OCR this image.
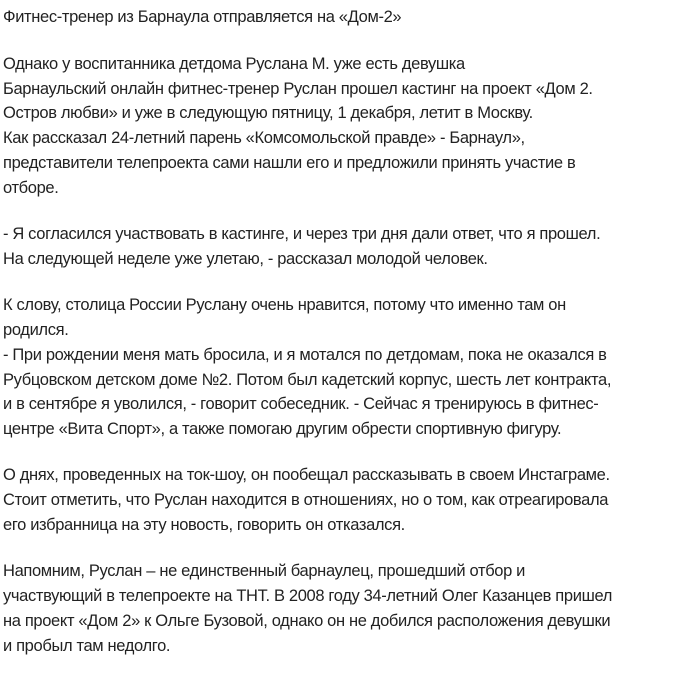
Фитнес-тренер из Барнаула отправляется на «Дом-2»
Однако у воспитанника детдома Руслана М. уже есть девушка
Барнаульский онлайн фитнес-тренер Руслан прошел кастинг на проект «Дом 2.
Остров любви» и уже в следующую пятницу, 1 декабря, летит в Москву.
Как рассказал 24-летний парень «Комсомольской правде» - Барнаул»,
представители телепроекта сами нашли его и предложили принять участие в
отборе.
- Я согласился участвовать в кастинге, и через три дня дали ответ, что я прошел.
На следующей неделе уже улетаю, - рассказал молодой человек.
К слову, столица России Руслану очень нравится, потому что именно там он
родился.
- При рождении меня мать бросила, и я мотался по детдомам, пока не оказался в
Рубцовском детском доме №2. Потом был кадетский корпус, шесть лет контракта,
и в сентябре я уволился, - говорит собеседник. - Сейчас я тренируюсь в фитнес-
центре «Вита Спорт», а также помогаю другим обрести спортивную фигуру.
О днях, проведенных на ток-шоу, он пообещал рассказывать в своем Инстаграме.
Стоит отметить, что Руслан находится в отношениях, но о том, как отреагировала
его избранница на эту новость, говорить он отказался.
Напомним, Руслан – не единственный барнаулец, прошедший отбор и
участвующий в телепроекте на ТНТ. В 2008 году 34-летний Олег Казанцев пришел
на проект «Дом 2» к Ольге Бузовой, однако он не добился расположения девушки
и пробыл там недолго.
